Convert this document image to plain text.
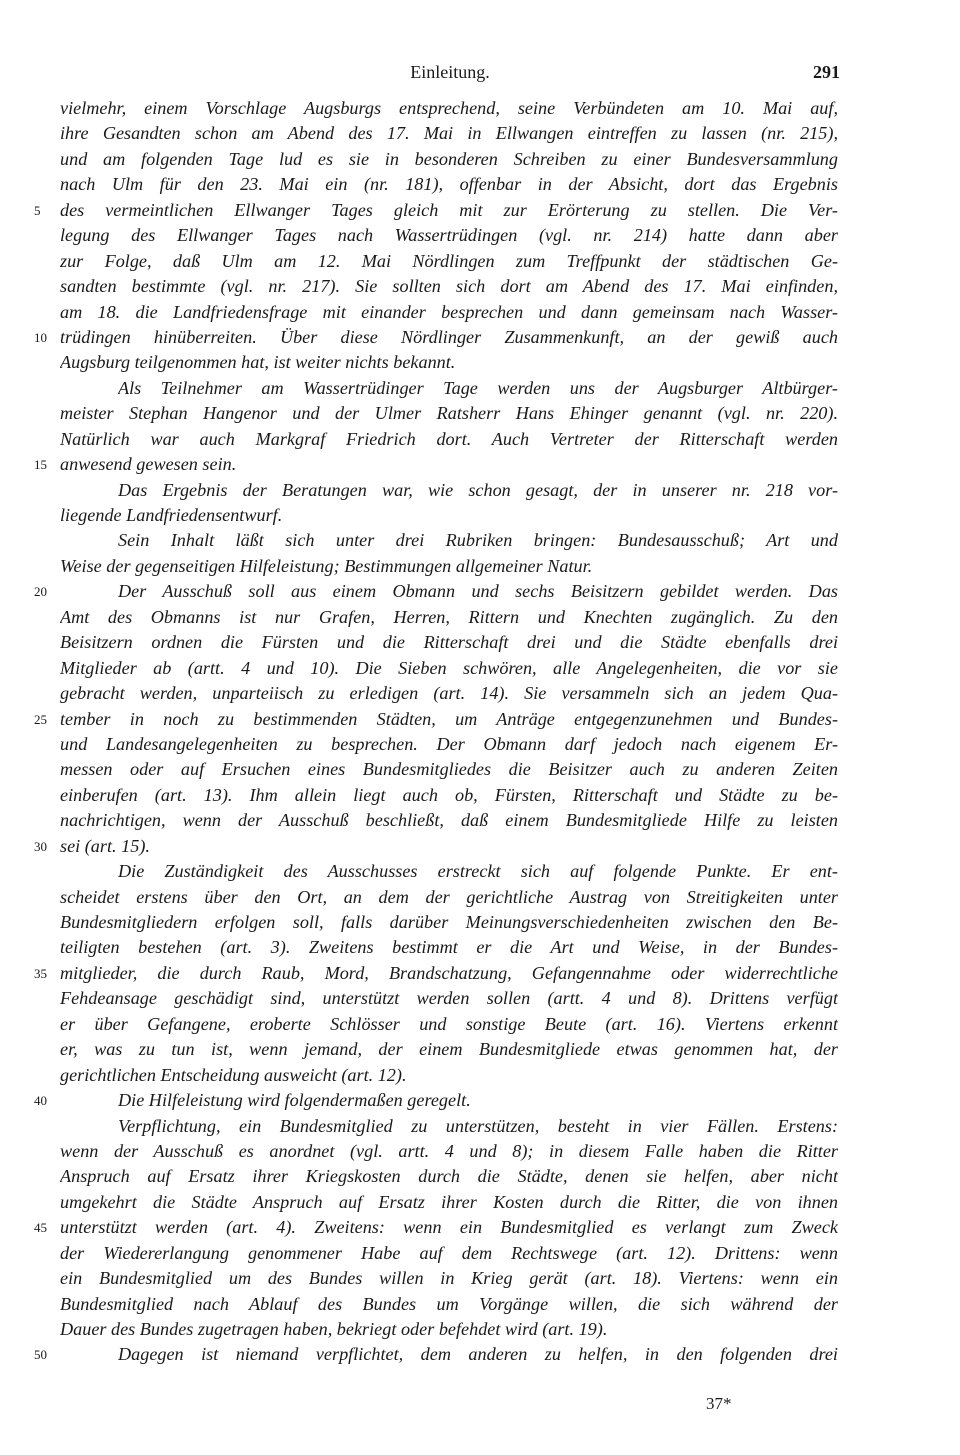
Einleitung.	291
vielmehr, einem Vorschlage Augsburgs entsprechend, seine Verbündeten am 10. Mai auf,
ihre Gesandten schon am Abend des 17. Mai in Ellwangen eintreffen zu lassen (nr. 215),
und am folgenden Tage lud es sie in besonderen Schreiben zu einer Bundesversammlung
nach Ulm für den 23. Mai ein (nr. 181), offenbar in der Absicht, dort das Ergebnis
5	des vermeintlichen Ellwanger Tages gleich mit zur Erörterung zu stellen. Die Ver-
legung des Ellwanger Tages nach Wassertrüdingen (vgl. nr. 214) hatte dann aber
zur Folge, daß Ulm am 12. Mai Nördlingen zum Treffpunkt der städtischen Ge-
sandten bestimmte (vgl. nr. 217). Sie sollten sich dort am Abend des 17. Mai einfinden,
am 18. die Landfriedensfrage mit einander besprechen und dann gemeinsam nach Wasser-
10 trüdingen hinüberreiten. Über diese Nördlinger Zusammenkunft, an der gewiß auch
Augsburg teilgenommen hat, ist weiter nichts bekannt.
Als Teilnehmer am Wassertrüdinger Tage werden uns der Augsburger Altbürger-
meister Stephan Hangenor und der Ulmer Ratsherr Hans Ehinger genannt (vgl. nr. 220).
Natürlich war auch Markgraf Friedrich dort. Auch Vertreter der Ritterschaft werden
15 anwesend gewesen sein.
Das Ergebnis der Beratungen war, wie schon gesagt, der in unserer nr. 218 vor-
liegende Landfriedensentwurf.
Sein Inhalt läßt sich unter drei Rubriken bringen: Bundesausschuß; Art und
Weise der gegenseitigen Hilfeleistung; Bestimmungen allgemeiner Natur.
20	Der Ausschuß soll aus einem Obmann und sechs Beisitzern gebildet werden. Das
Amt des Obmanns ist nur Grafen, Herren, Rittern und Knechten zugänglich. Zu den
Beisitzern ordnen die Fürsten und die Ritterschaft drei und die Städte ebenfalls drei
Mitglieder ab (artt. 4 und 10). Die Sieben schwören, alle Angelegenheiten, die vor sie
gebracht werden, unparteiisch zu erledigen (art. 14). Sie versammeln sich an jedem Qua-
25 tember in noch zu bestimmenden Städten, um Anträge entgegenzunehmen und Bundes-
und Landesangelegenheiten zu besprechen. Der Obmann darf jedoch nach eigenem Er-
messen oder auf Ersuchen eines Bundesmitgliedes die Beisitzer auch zu anderen Zeiten
einberufen (art. 13). Ihm allein liegt auch ob, Fürsten, Ritterschaft und Städte zu be-
nachrichtigen, wenn der Ausschuß beschließt, daß einem Bundesmitgliede Hilfe zu leisten
30 sei (art. 15).
Die Zuständigkeit des Ausschusses erstreckt sich auf folgende Punkte. Er ent-
scheidet erstens über den Ort, an dem der gerichtliche Austrag von Streitigkeiten unter
Bundesmitgliedern erfolgen soll, falls darüber Meinungsverschiedenheiten zwischen den Be-
teiligten bestehen (art. 3). Zweitens bestimmt er die Art und Weise, in der Bundes-
35 mitglieder, die durch Raub, Mord, Brandschatzung, Gefangennahme oder widerrechtliche
Fehdeansage geschädigt sind, unterstützt werden sollen (artt. 4 und 8). Drittens verfügt
er über Gefangene, eroberte Schlösser und sonstige Beute (art. 16). Viertens erkennt
er, was zu tun ist, wenn jemand, der einem Bundesmitgliede etwas genommen hat, der
gerichtlichen Entscheidung ausweicht (art. 12).
40	Die Hilfeleistung wird folgendermaßen geregelt.
Verpflichtung, ein Bundesmitglied zu unterstützen, besteht in vier Fällen. Erstens:
wenn der Ausschuß es anordnet (vgl. artt. 4 und 8); in diesem Falle haben die Ritter
Anspruch auf Ersatz ihrer Kriegskosten durch die Städte, denen sie helfen, aber nicht
umgekehrt die Städte Anspruch auf Ersatz ihrer Kosten durch die Ritter, die von ihnen
45 unterstützt werden (art. 4). Zweitens: wenn ein Bundesmitglied es verlangt zum Zweck
der Wiedererlangung genommener Habe auf dem Rechtswege (art. 12). Drittens: wenn
ein Bundesmitglied um des Bundes willen in Krieg gerät (art. 18). Viertens: wenn ein
Bundesmitglied nach Ablauf des Bundes um Vorgänge willen, die sich während der
Dauer des Bundes zugetragen haben, bekriegt oder befehdet wird (art. 19).
50	Dagegen ist niemand verpflichtet, dem anderen zu helfen, in den folgenden drei
37*
